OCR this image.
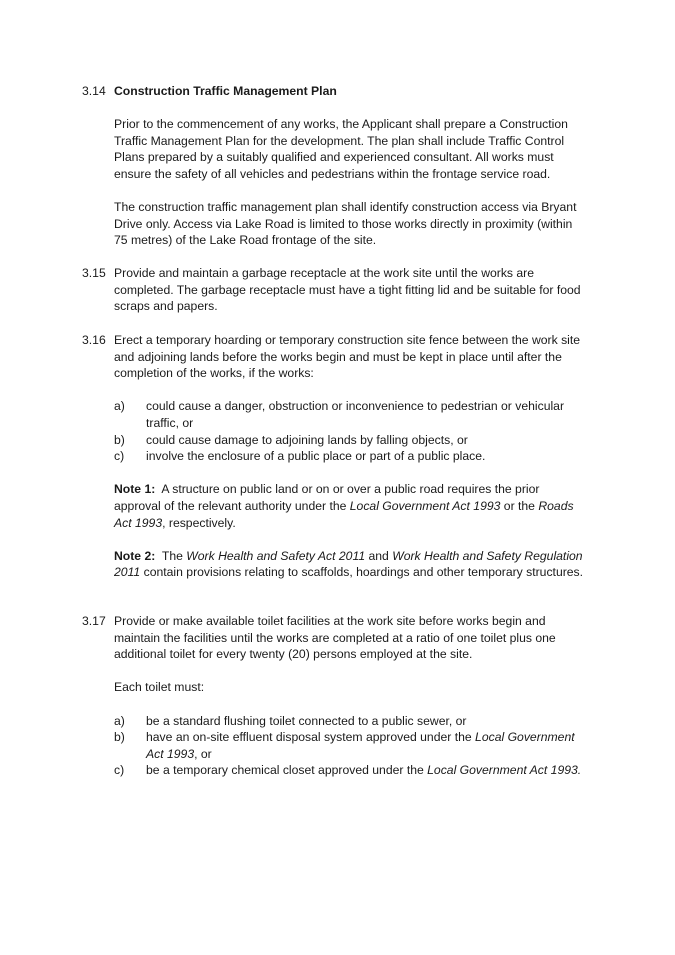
3.14 Construction Traffic Management Plan

Prior to the commencement of any works, the Applicant shall prepare a Construction Traffic Management Plan for the development. The plan shall include Traffic Control Plans prepared by a suitably qualified and experienced consultant. All works must ensure the safety of all vehicles and pedestrians within the frontage service road.

The construction traffic management plan shall identify construction access via Bryant Drive only. Access via Lake Road is limited to those works directly in proximity (within 75 metres) of the Lake Road frontage of the site.

3.15 Provide and maintain a garbage receptacle at the work site until the works are completed. The garbage receptacle must have a tight fitting lid and be suitable for food scraps and papers.

3.16 Erect a temporary hoarding or temporary construction site fence between the work site and adjoining lands before the works begin and must be kept in place until after the completion of the works, if the works:

a) could cause a danger, obstruction or inconvenience to pedestrian or vehicular traffic, or
b) could cause damage to adjoining lands by falling objects, or
c) involve the enclosure of a public place or part of a public place.

Note 1: A structure on public land or on or over a public road requires the prior approval of the relevant authority under the Local Government Act 1993 or the Roads Act 1993, respectively.

Note 2: The Work Health and Safety Act 2011 and Work Health and Safety Regulation 2011 contain provisions relating to scaffolds, hoardings and other temporary structures.

3.17 Provide or make available toilet facilities at the work site before works begin and maintain the facilities until the works are completed at a ratio of one toilet plus one additional toilet for every twenty (20) persons employed at the site.

Each toilet must:

a) be a standard flushing toilet connected to a public sewer, or
b) have an on-site effluent disposal system approved under the Local Government Act 1993, or
c) be a temporary chemical closet approved under the Local Government Act 1993.
